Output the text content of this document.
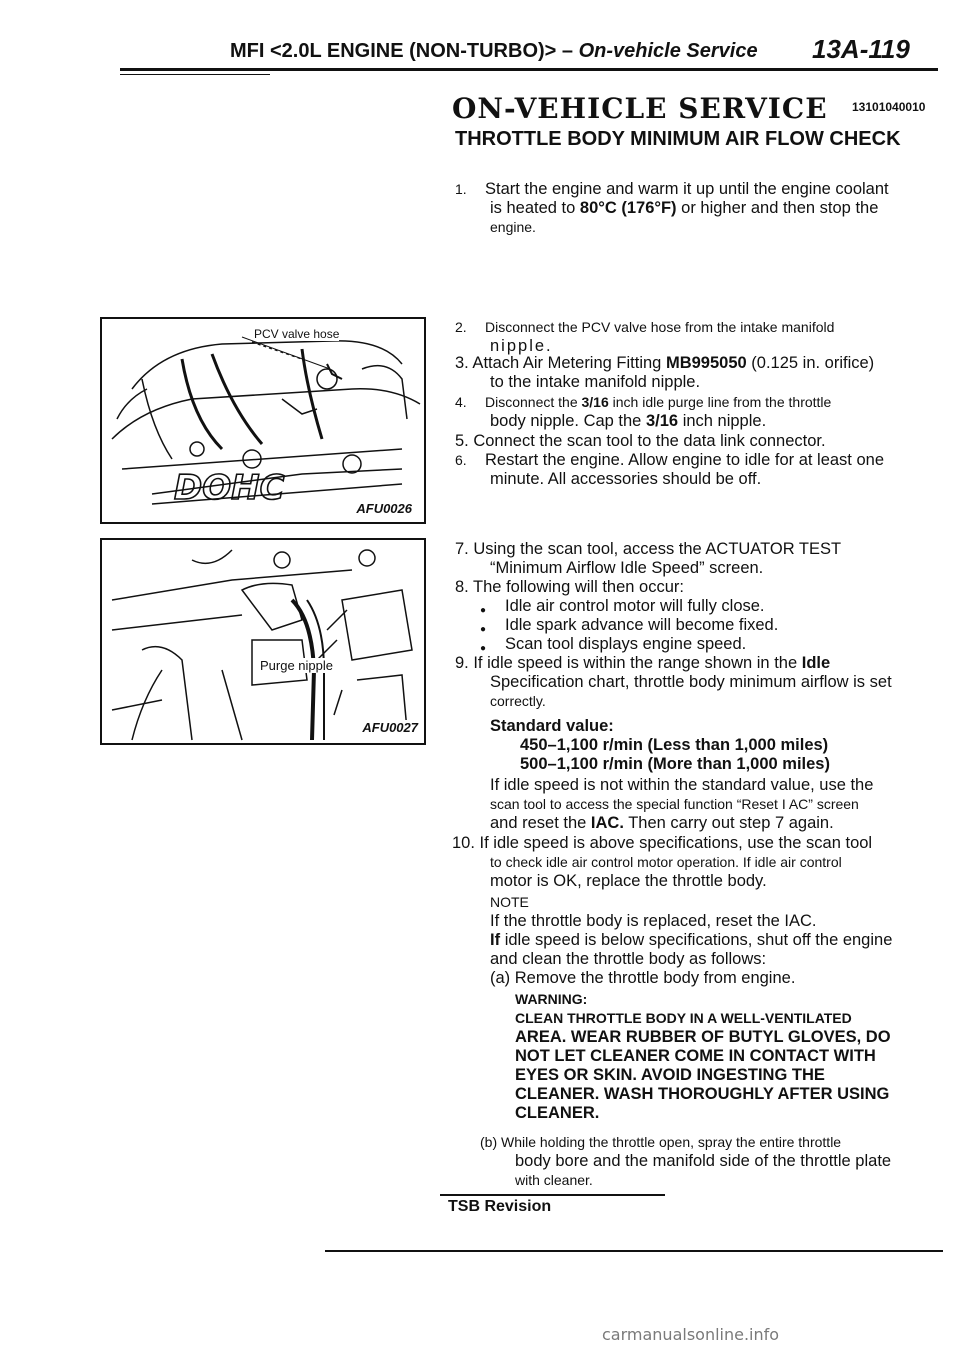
MFI <2.0L ENGINE (NON-TURBO)> – On-vehicle Service 13A-119
ON-VEHICLE SERVICE 13101040010
THROTTLE BODY MINIMUM AIR FLOW CHECK
1. Start the engine and warm it up until the engine coolant
is heated to 80°C (176°F) or higher and then stop the
engine.
2. Disconnect the PCV valve hose from the intake manifold
nipple.
3. Attach Air Metering Fitting MB995050 (0.125 in. orifice)
to the intake manifold nipple.
4. Disconnect the 3/16 inch idle purge line from the throttle
body nipple. Cap the 3/16 inch nipple.
5. Connect the scan tool to the data link connector.
6. Restart the engine. Allow engine to idle for at least one
minute. All accessories should be off.
7. Using the scan tool, access the ACTUATOR TEST
“Minimum Airflow Idle Speed” screen.
8. The following will then occur:
● Idle air control motor will fully close.
● Idle spark advance will become fixed.
● Scan tool displays engine speed.
9. If idle speed is within the range shown in the Idle
Specification chart, throttle body minimum airflow is set
correctly.
Standard value:
450–1,100 r/min (Less than 1,000 miles)
500–1,100 r/min (More than 1,000 miles)
If idle speed is not within the standard value, use the
scan tool to access the special function “Reset I AC” screen
and reset the IAC. Then carry out step 7 again.
10. If idle speed is above specifications, use the scan tool
to check idle air control motor operation. If idle air control
motor is OK, replace the throttle body.
NOTE
If the throttle body is replaced, reset the IAC.
If idle speed is below specifications, shut off the engine
and clean the throttle body as follows:
(a) Remove the throttle body from engine.
WARNING:
CLEAN THROTTLE BODY IN A WELL-VENTILATED
AREA. WEAR RUBBER OF BUTYL GLOVES, DO
NOT LET CLEANER COME IN CONTACT WITH
EYES OR SKIN. AVOID INGESTING THE
CLEANER. WASH THOROUGHLY AFTER USING
CLEANER.
(b) While holding the throttle open, spray the entire throttle
body bore and the manifold side of the throttle plate
with cleaner.
DOHC
PCV valve hose
AFU0026
Purge nipple
AFU0027
TSB Revision
carmanualsonline.info
